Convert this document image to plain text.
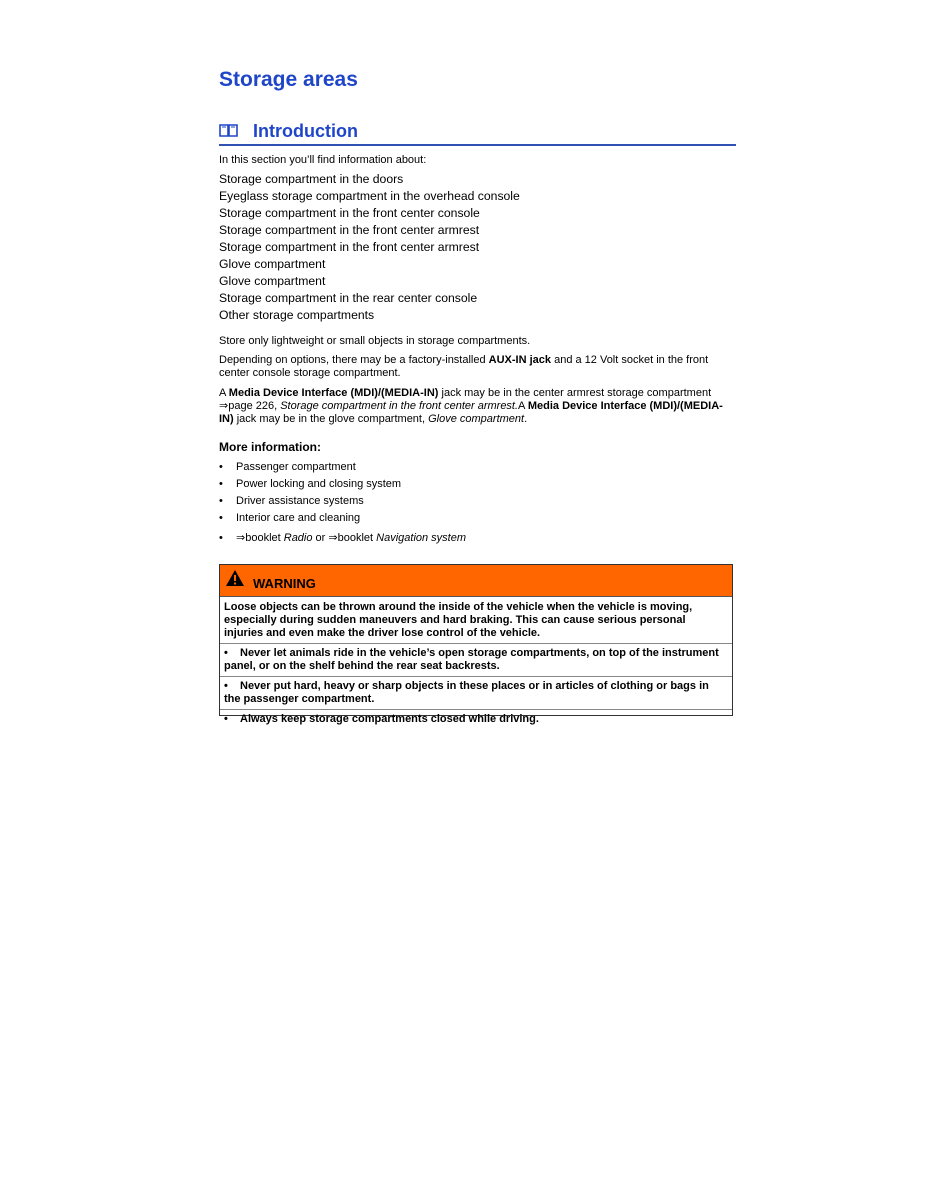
Storage areas
Introduction
In this section you’ll find information about:
Storage compartment in the doors
Eyeglass storage compartment in the overhead console
Storage compartment in the front center console
Storage compartment in the front center armrest
Storage compartment in the front center armrest
Glove compartment
Glove compartment
Storage compartment in the rear center console
Other storage compartments
Store only lightweight or small objects in storage compartments.
Depending on options, there may be a factory-installed AUX-IN jack and a 12 Volt socket in the front center console storage compartment.
A Media Device Interface (MDI)/(MEDIA-IN) jack may be in the center armrest storage compartment
⇒page 226, Storage compartment in the front center armrest.A Media Device Interface (MDI)/(MEDIA-IN) jack may be in the glove compartment, Glove compartment.
More information:
• Passenger compartment
• Power locking and closing system
• Driver assistance systems
• Interior care and cleaning
• ⇒booklet Radio or ⇒booklet Navigation system
WARNING

Loose objects can be thrown around the inside of the vehicle when the vehicle is moving, especially during sudden maneuvers and hard braking. This can cause serious personal injuries and even make the driver lose control of the vehicle.

• Never let animals ride in the vehicle’s open storage compartments, on top of the instrument panel, or on the shelf behind the rear seat backrests.

• Never put hard, heavy or sharp objects in these places or in articles of clothing or bags in the passenger compartment.

• Always keep storage compartments closed while driving.
